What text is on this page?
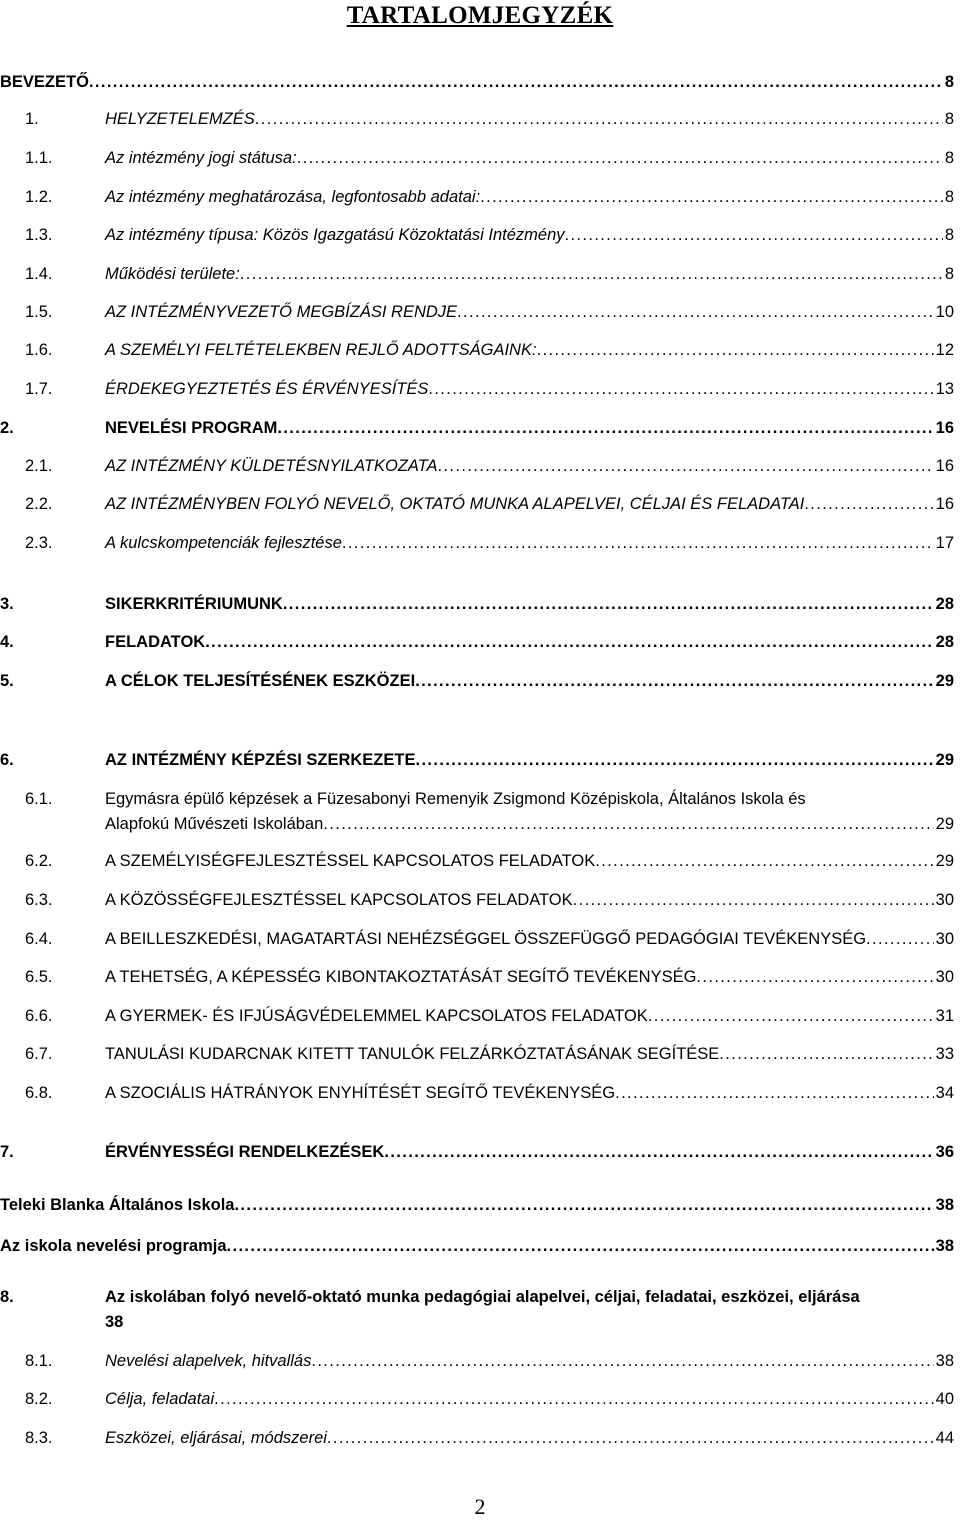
TARTALOMJEGYZÉK
BEVEZETŐ . . .	8
1.	HELYZETELEMZÉS . . .	8
1.1.	Az intézmény jogi státusa: . . .	8
1.2.	Az intézmény meghatározása, legfontosabb adatai: . . .	8
1.3.	Az intézmény típusa: Közös Igazgatású Közoktatási Intézmény . . .	8
1.4.	Működési területe: . . .	8
1.5.	AZ INTÉZMÉNYVEZETŐ MEGBÍZÁSI RENDJE . . .	10
1.6.	A SZEMÉLYI FELTÉTELEKBEN REJLŐ ADOTTSÁGAINK: . . .	12
1.7.	ÉRDEKEGYEZTETÉS ÉS ÉRVÉNYESÍTÉS . . .	13
2.	NEVELÉSI PROGRAM . . .	16
2.1.	AZ INTÉZMÉNY KÜLDETÉSNYILATKOZATA . . .	16
2.2.	AZ INTÉZMÉNYBEN FOLYÓ NEVELŐ, OKTATÓ MUNKA ALAPELVEI, CÉLJAI ÉS FELADATAI . . .	16
2.3.	A kulcskompetenciák fejlesztése . . .	17
3.	SIKERKRITÉRIUMUNK . . .	28
4.	FELADATOK . . .	28
5.	A CÉLOK TELJESÍTÉSÉNEK ESZKÖZEI . . .	29
6.	AZ INTÉZMÉNY KÉPZÉSI SZERKEZETE . . .	29
6.1.	Egymásra épülő képzések a Füzesabonyi Remenyik Zsigmond Középiskola, Általános Iskola és
Alapfokú Művészeti Iskolában . . .	29
6.2.	A SZEMÉLYISÉGFEJLESZTÉSSEL KAPCSOLATOS FELADATOK . . .	29
6.3.	A KÖZÖSSÉGFEJLESZTÉSSEL KAPCSOLATOS FELADATOK . . .	30
6.4.	A BEILLESZKEDÉSI, MAGATARTÁSI NEHÉZSÉGGEL ÖSSZEFÜGGŐ PEDAGÓGIAI TEVÉKENYSÉG . . .	30
6.5.	A TEHETSÉG, A KÉPESSÉG KIBONTAKOZTATÁSÁT SEGÍTŐ TEVÉKENYSÉG . . .	30
6.6.	A GYERMEK- ÉS IFJÚSÁGVÉDELEMMEL KAPCSOLATOS FELADATOK . . .	31
6.7.	TANULÁSI KUDARCNAK KITETT TANULÓK FELZÁRKÓZTATÁSÁNAK SEGÍTÉSE . . .	33
6.8.	A SZOCIÁLIS HÁTRÁNYOK ENYHÍTÉSÉT SEGÍTŐ TEVÉKENYSÉG . . .	34
7.	ÉRVÉNYESSÉGI RENDELKEZÉSEK . . .	36
Teleki Blanka Általános Iskola . . .	38
Az iskola nevelési programja . . .	38
8.	Az iskolában folyó nevelő-oktató munka pedagógiai alapelvei, céljai, feladatai, eszközei, eljárása
38
8.1.	Nevelési alapelvek, hitvallás . . .	38
8.2.	Célja, feladatai . . .	40
8.3.	Eszközei, eljárásai, módszerei . . .	44
2
